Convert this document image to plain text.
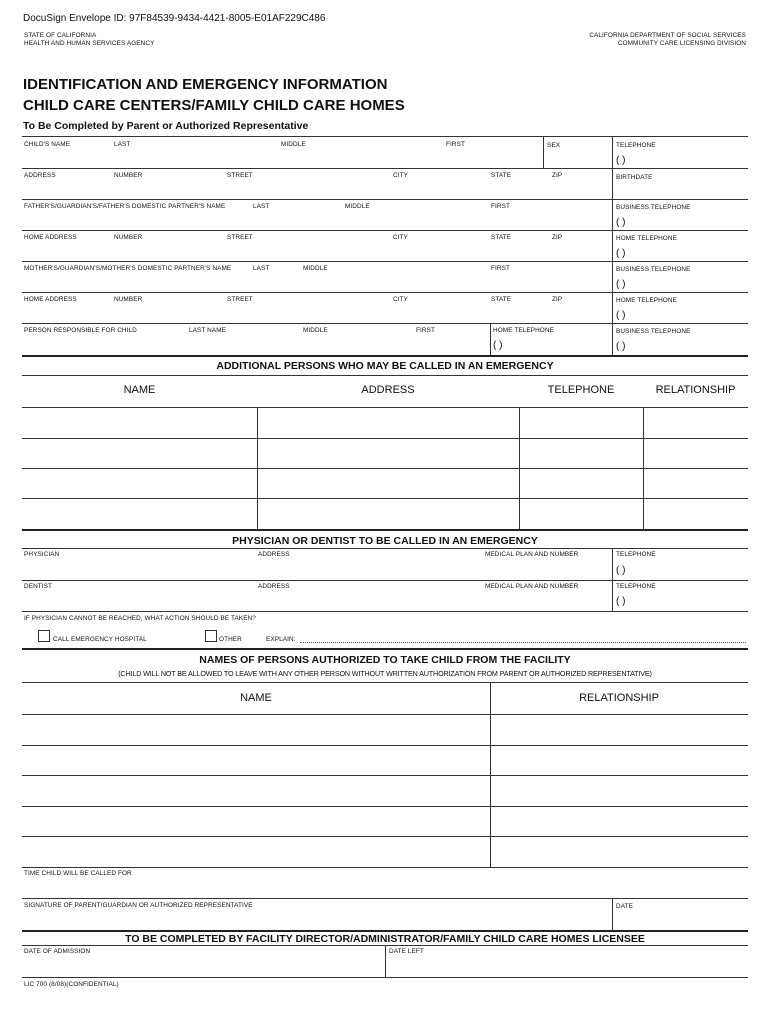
DocuSign Envelope ID: 97F84539-9434-4421-8005-E01AF229C486
STATE OF CALIFORNIA
HEALTH AND HUMAN SERVICES AGENCY
CALIFORNIA DEPARTMENT OF SOCIAL SERVICES
COMMUNITY CARE LICENSING DIVISION
IDENTIFICATION AND EMERGENCY INFORMATION
CHILD CARE CENTERS/FAMILY CHILD CARE HOMES
To Be Completed by Parent or Authorized Representative
CHILD'S NAME	LAST	MIDDLE	FIRST	SEX	TELEPHONE
( )
ADDRESS	NUMBER	STREET	CITY	STATE	ZIP	BIRTHDATE
FATHER'S/GUARDIAN'S/FATHER'S DOMESTIC PARTNER'S NAME	LAST	MIDDLE	FIRST	BUSINESS TELEPHONE
( )
HOME ADDRESS	NUMBER	STREET	CITY	STATE	ZIP	HOME TELEPHONE
( )
MOTHER'S/GUARDIAN'S/MOTHER'S DOMESTIC PARTNER'S NAME	LAST	MIDDLE	FIRST	BUSINESS TELEPHONE
( )
HOME ADDRESS	NUMBER	STREET	CITY	STATE	ZIP	HOME TELEPHONE
( )
PERSON RESPONSIBLE FOR CHILD	LAST NAME	MIDDLE	FIRST	HOME TELEPHONE
( )
BUSINESS TELEPHONE
( )
ADDITIONAL PERSONS WHO MAY BE CALLED IN AN EMERGENCY
NAME	ADDRESS	TELEPHONE	RELATIONSHIP
PHYSICIAN OR DENTIST TO BE CALLED IN AN EMERGENCY
PHYSICIAN	ADDRESS	MEDICAL PLAN AND NUMBER	TELEPHONE
( )
DENTIST	ADDRESS	MEDICAL PLAN AND NUMBER	TELEPHONE
( )
IF PHYSICIAN CANNOT BE REACHED, WHAT ACTION SHOULD BE TAKEN?
CALL EMERGENCY HOSPITAL	OTHER	EXPLAIN:
NAMES OF PERSONS AUTHORIZED TO TAKE CHILD FROM THE FACILITY
(CHILD WILL NOT BE ALLOWED TO LEAVE WITH ANY OTHER PERSON WITHOUT WRITTEN AUTHORIZATION FROM PARENT OR AUTHORIZED REPRESENTATIVE)
NAME	RELATIONSHIP
TIME CHILD WILL BE CALLED FOR
SIGNATURE OF PARENT/GUARDIAN OR AUTHORIZED REPRESENTATIVE	DATE
TO BE COMPLETED BY FACILITY DIRECTOR/ADMINISTRATOR/FAMILY CHILD CARE HOMES LICENSEE
DATE OF ADMISSION	DATE LEFT
LIC 700 (8/08)(CONFIDENTIAL)
